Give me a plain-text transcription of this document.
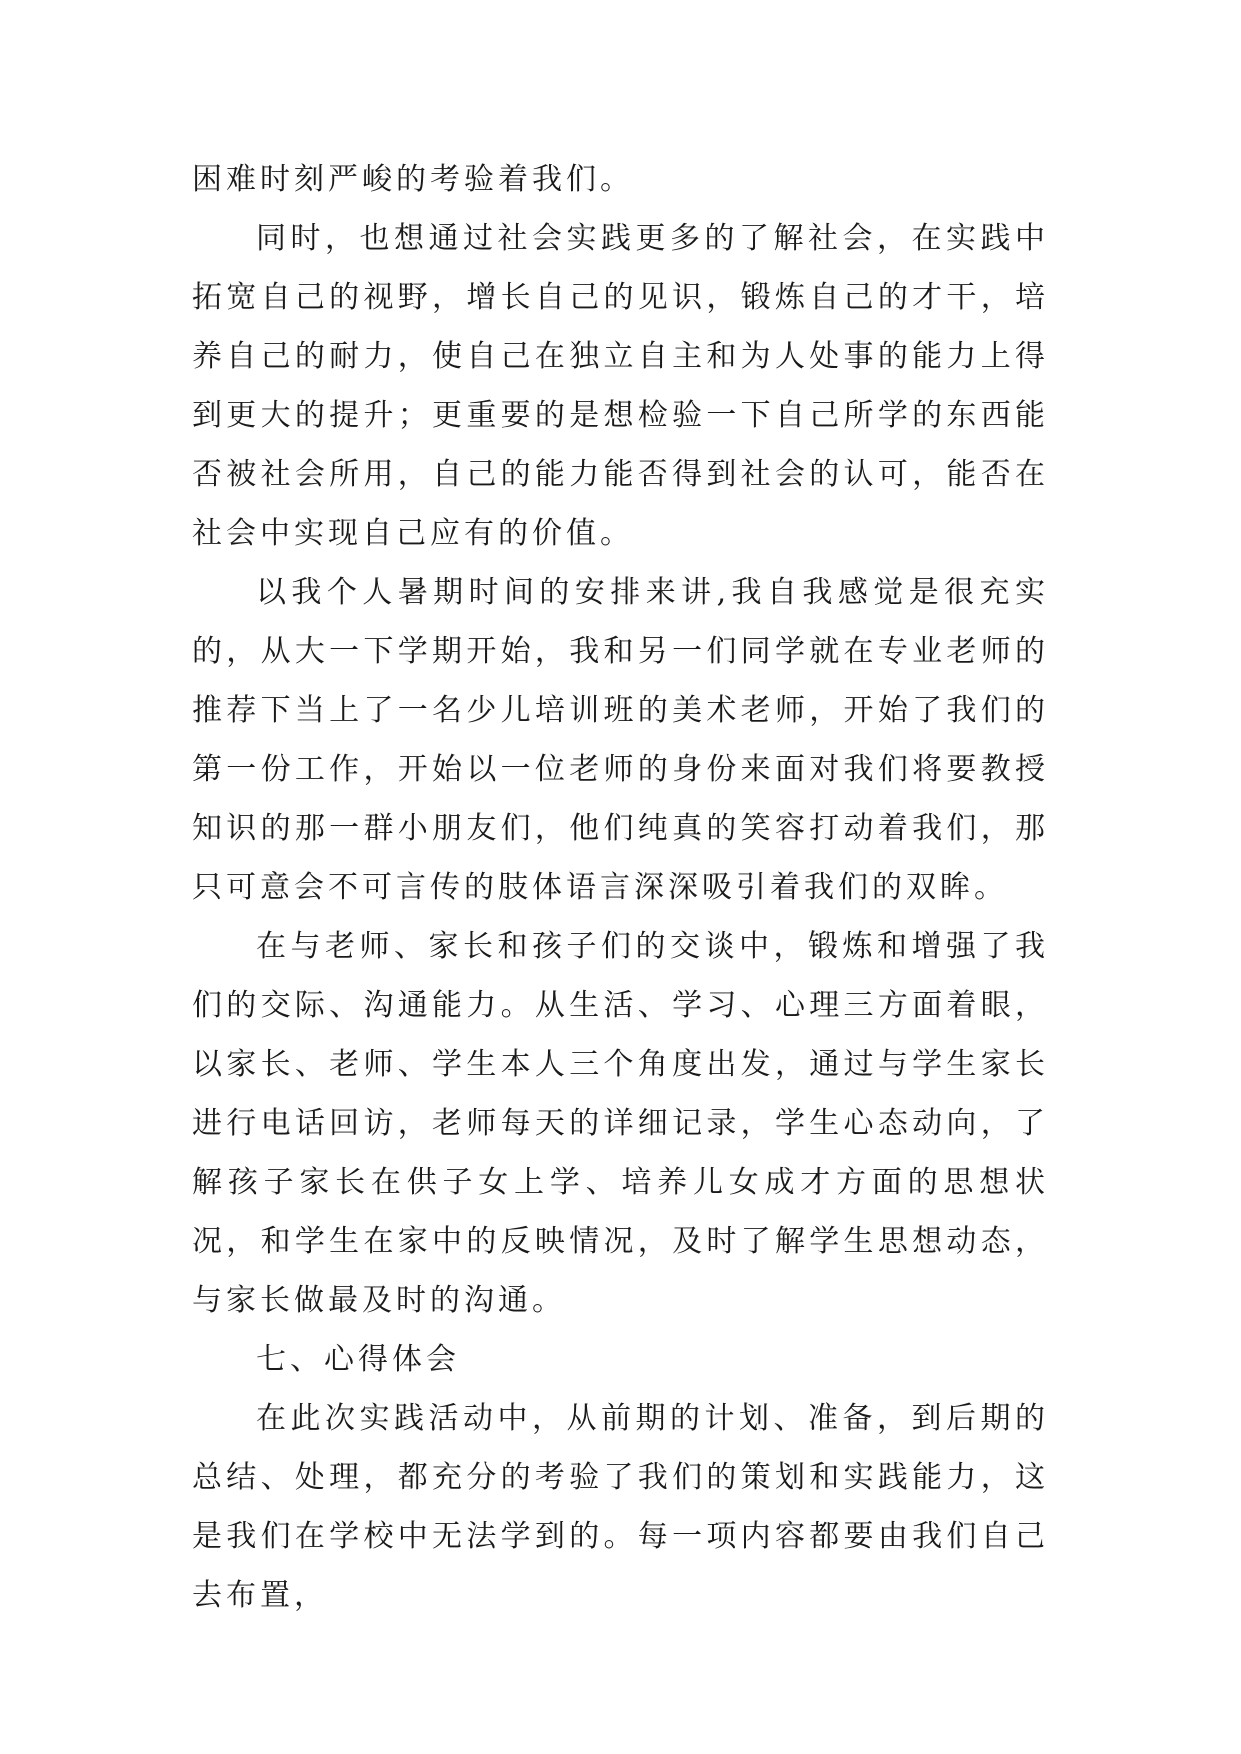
困难时刻严峻的考验着我们。

同时，也想通过社会实践更多的了解社会，在实践中拓宽自己的视野，增长自己的见识，锻炼自己的才干，培养自己的耐力，使自己在独立自主和为人处事的能力上得到更大的提升；更重要的是想检验一下自己所学的东西能否被社会所用，自己的能力能否得到社会的认可，能否在社会中实现自己应有的价值。

以我个人暑期时间的安排来讲,我自我感觉是很充实的，从大一下学期开始，我和另一们同学就在专业老师的推荐下当上了一名少儿培训班的美术老师，开始了我们的第一份工作，开始以一位老师的身份来面对我们将要教授知识的那一群小朋友们，他们纯真的笑容打动着我们，那只可意会不可言传的肢体语言深深吸引着我们的双眸。

在与老师、家长和孩子们的交谈中，锻炼和增强了我们的交际、沟通能力。从生活、学习、心理三方面着眼，以家长、老师、学生本人三个角度出发，通过与学生家长进行电话回访，老师每天的详细记录，学生心态动向，了解孩子家长在供子女上学、培养儿女成才方面的思想状况，和学生在家中的反映情况，及时了解学生思想动态，与家长做最及时的沟通。

七、心得体会

在此次实践活动中，从前期的计划、准备，到后期的总结、处理，都充分的考验了我们的策划和实践能力，这是我们在学校中无法学到的。每一项内容都要由我们自己去布置，
